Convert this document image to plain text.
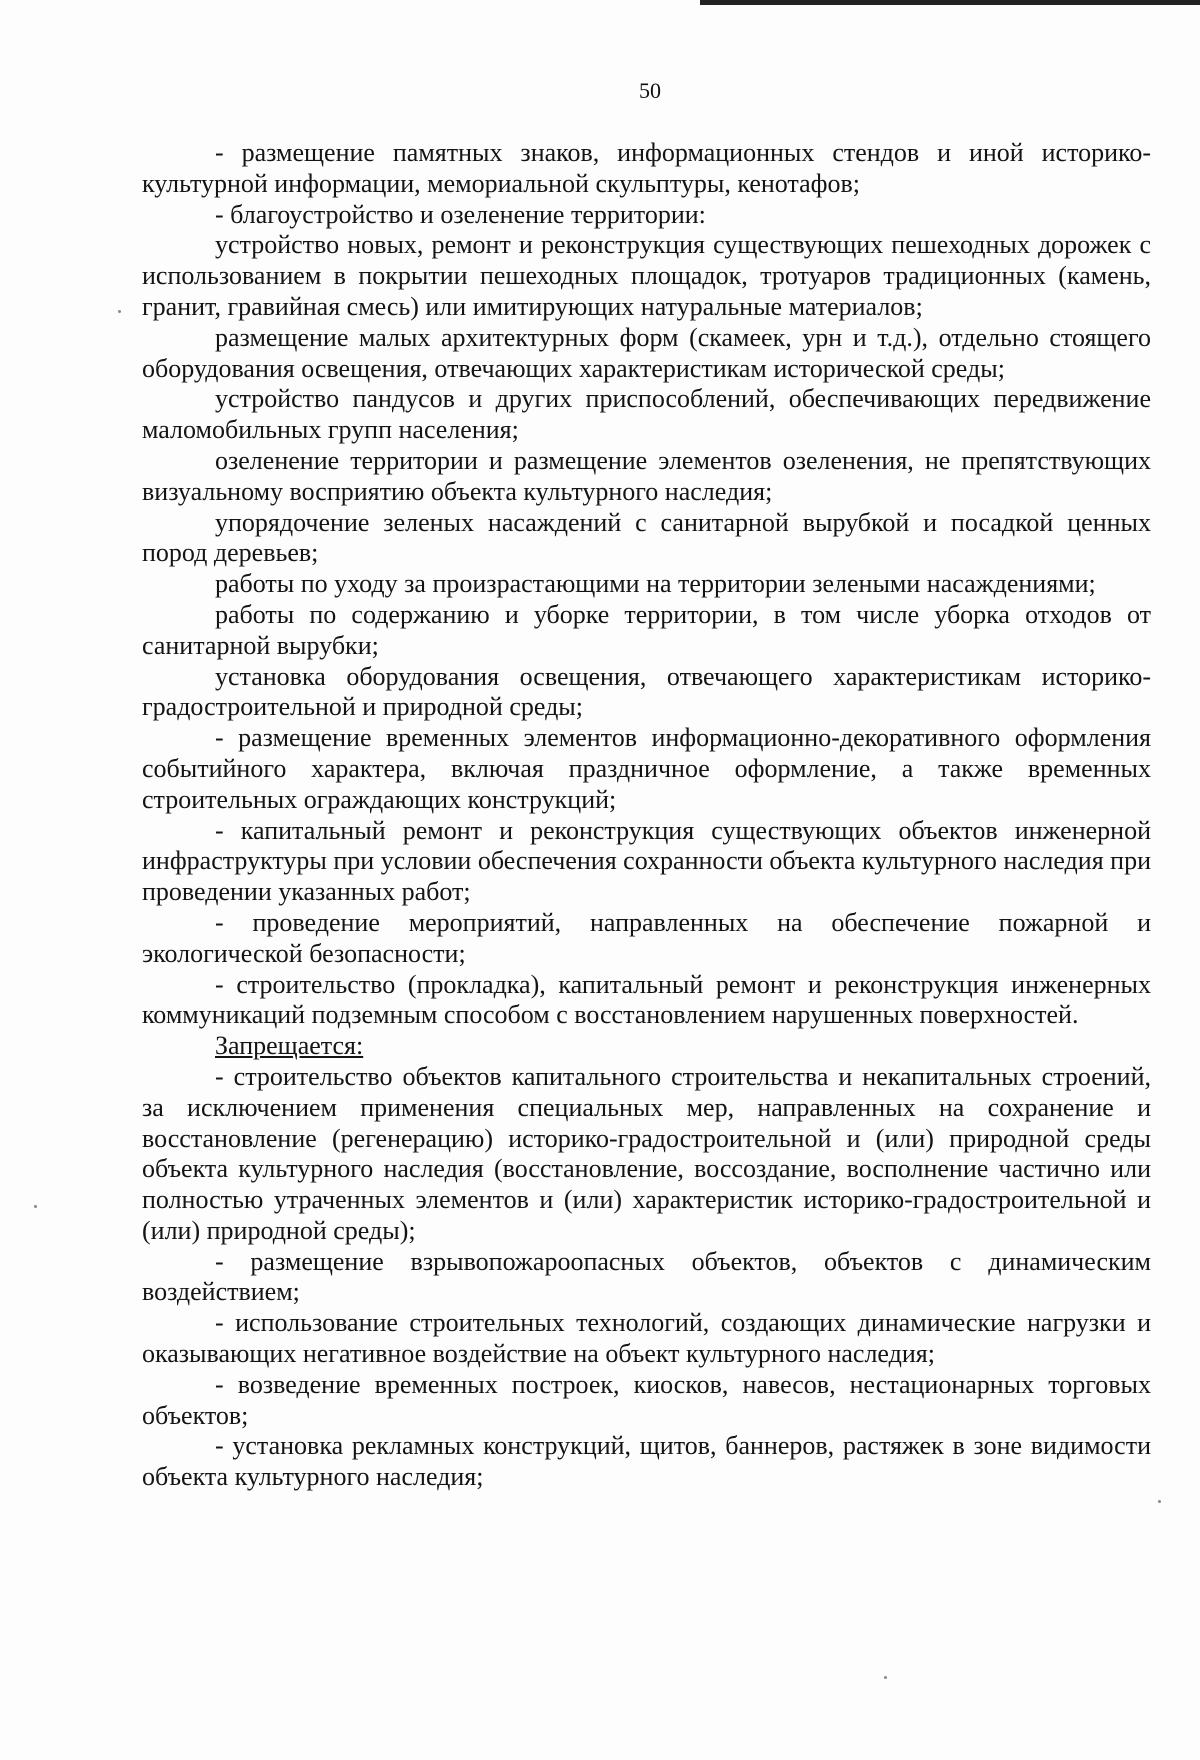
50

- размещение памятных знаков, информационных стендов и иной историко-культурной информации, мемориальной скульптуры, кенотафов;

- благоустройство и озеленение территории:

устройство новых, ремонт и реконструкция существующих пешеходных дорожек с использованием в покрытии пешеходных площадок, тротуаров традиционных (камень, гранит, гравийная смесь) или имитирующих натуральные материалов;

размещение малых архитектурных форм (скамеек, урн и т.д.), отдельно стоящего оборудования освещения, отвечающих характеристикам исторической среды;

устройство пандусов и других приспособлений, обеспечивающих передвижение маломобильных групп населения;

озеленение территории и размещение элементов озеленения, не препятствующих визуальному восприятию объекта культурного наследия;

упорядочение зеленых насаждений с санитарной вырубкой и посадкой ценных пород деревьев;

работы по уходу за произрастающими на территории зелеными насаждениями;

работы по содержанию и уборке территории, в том числе уборка отходов от санитарной вырубки;

установка оборудования освещения, отвечающего характеристикам историко-градостроительной и природной среды;

- размещение временных элементов информационно-декоративного оформления событийного характера, включая праздничное оформление, а также временных строительных ограждающих конструкций;

- капитальный ремонт и реконструкция существующих объектов инженерной инфраструктуры при условии обеспечения сохранности объекта культурного наследия при проведении указанных работ;

- проведение мероприятий, направленных на обеспечение пожарной и экологической безопасности;

- строительство (прокладка), капитальный ремонт и реконструкция инженерных коммуникаций подземным способом с восстановлением нарушенных поверхностей.

Запрещается:

- строительство объектов капитального строительства и некапитальных строений, за исключением применения специальных мер, направленных на сохранение и восстановление (регенерацию) историко-градостроительной и (или) природной среды объекта культурного наследия (восстановление, воссоздание, восполнение частично или полностью утраченных элементов и (или) характеристик историко-градостроительной и (или) природной среды);

- размещение взрывопожароопасных объектов, объектов с динамическим воздействием;

- использование строительных технологий, создающих динамические нагрузки и оказывающих негативное воздействие на объект культурного наследия;

- возведение временных построек, киосков, навесов, нестационарных торговых объектов;

- установка рекламных конструкций, щитов, баннеров, растяжек в зоне видимости объекта культурного наследия;
